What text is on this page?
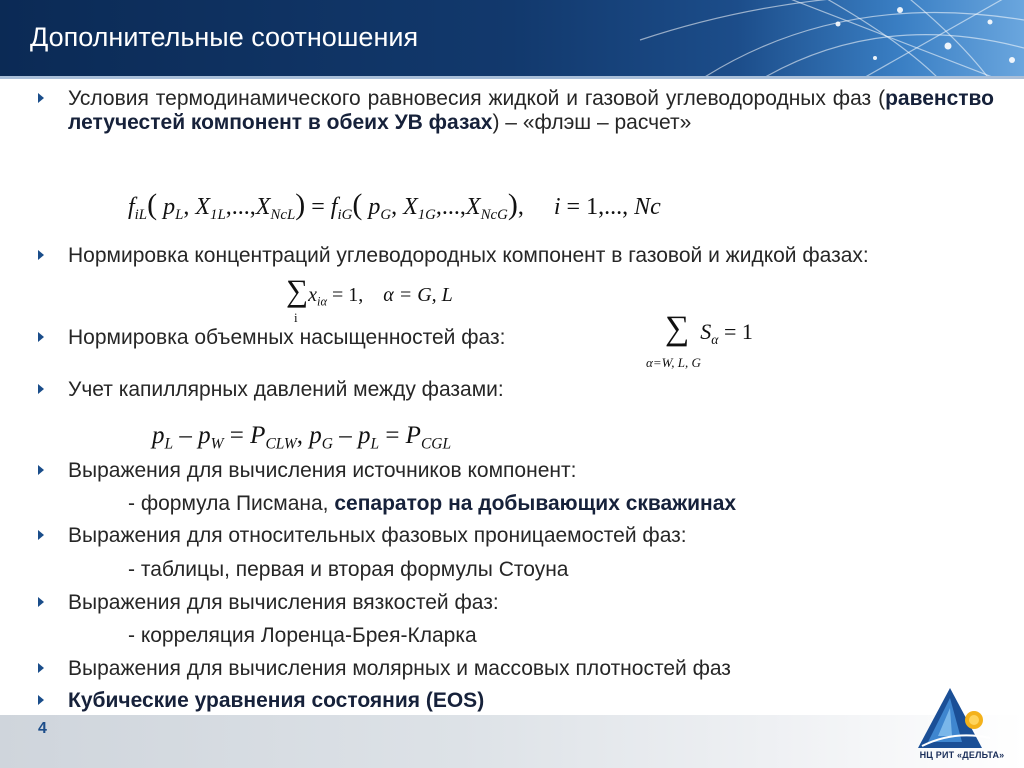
Дополнительные соотношения
Условия термодинамического равновесия жидкой и газовой углеводородных фаз (равенство летучестей компонент в обеих УВ фазах) – «флэш – расчет»
$f_{iL}$( $p_L$, $X_{1L},...,X_{NcL}) = f_{iG}$( $p_G$, $X_{1G},...,X_{NcG}$), i = 1,..., Nc
Нормировка концентраций углеводородных компонент в газовой и жидкой фазах:
$\sum x_{i\alpha} = 1$, α = G, L
i
Нормировка объемных насыщенностей фаз:	∑ $S_\alpha = 1$
α=W, L, G
Учет капиллярных давлений между фазами:
$p_L - p_W = P_{CLW}$, $p_G - p_L = P_{CGL}$
Выражения для вычисления источников компонент:
- формула Писмана, сепаратор на добывающих скважинах
Выражения для относительных фазовых проницаемостей фаз:
- таблицы, первая и вторая формулы Стоуна
Выражения для вычисления вязкостей фаз:
- корреляция Лоренца-Брея-Кларка
Выражения для вычисления молярных и массовых плотностей фаз
Кубические уравнения состояния (EOS)
4
НЦ РИТ «ДЕЛЬТА»
